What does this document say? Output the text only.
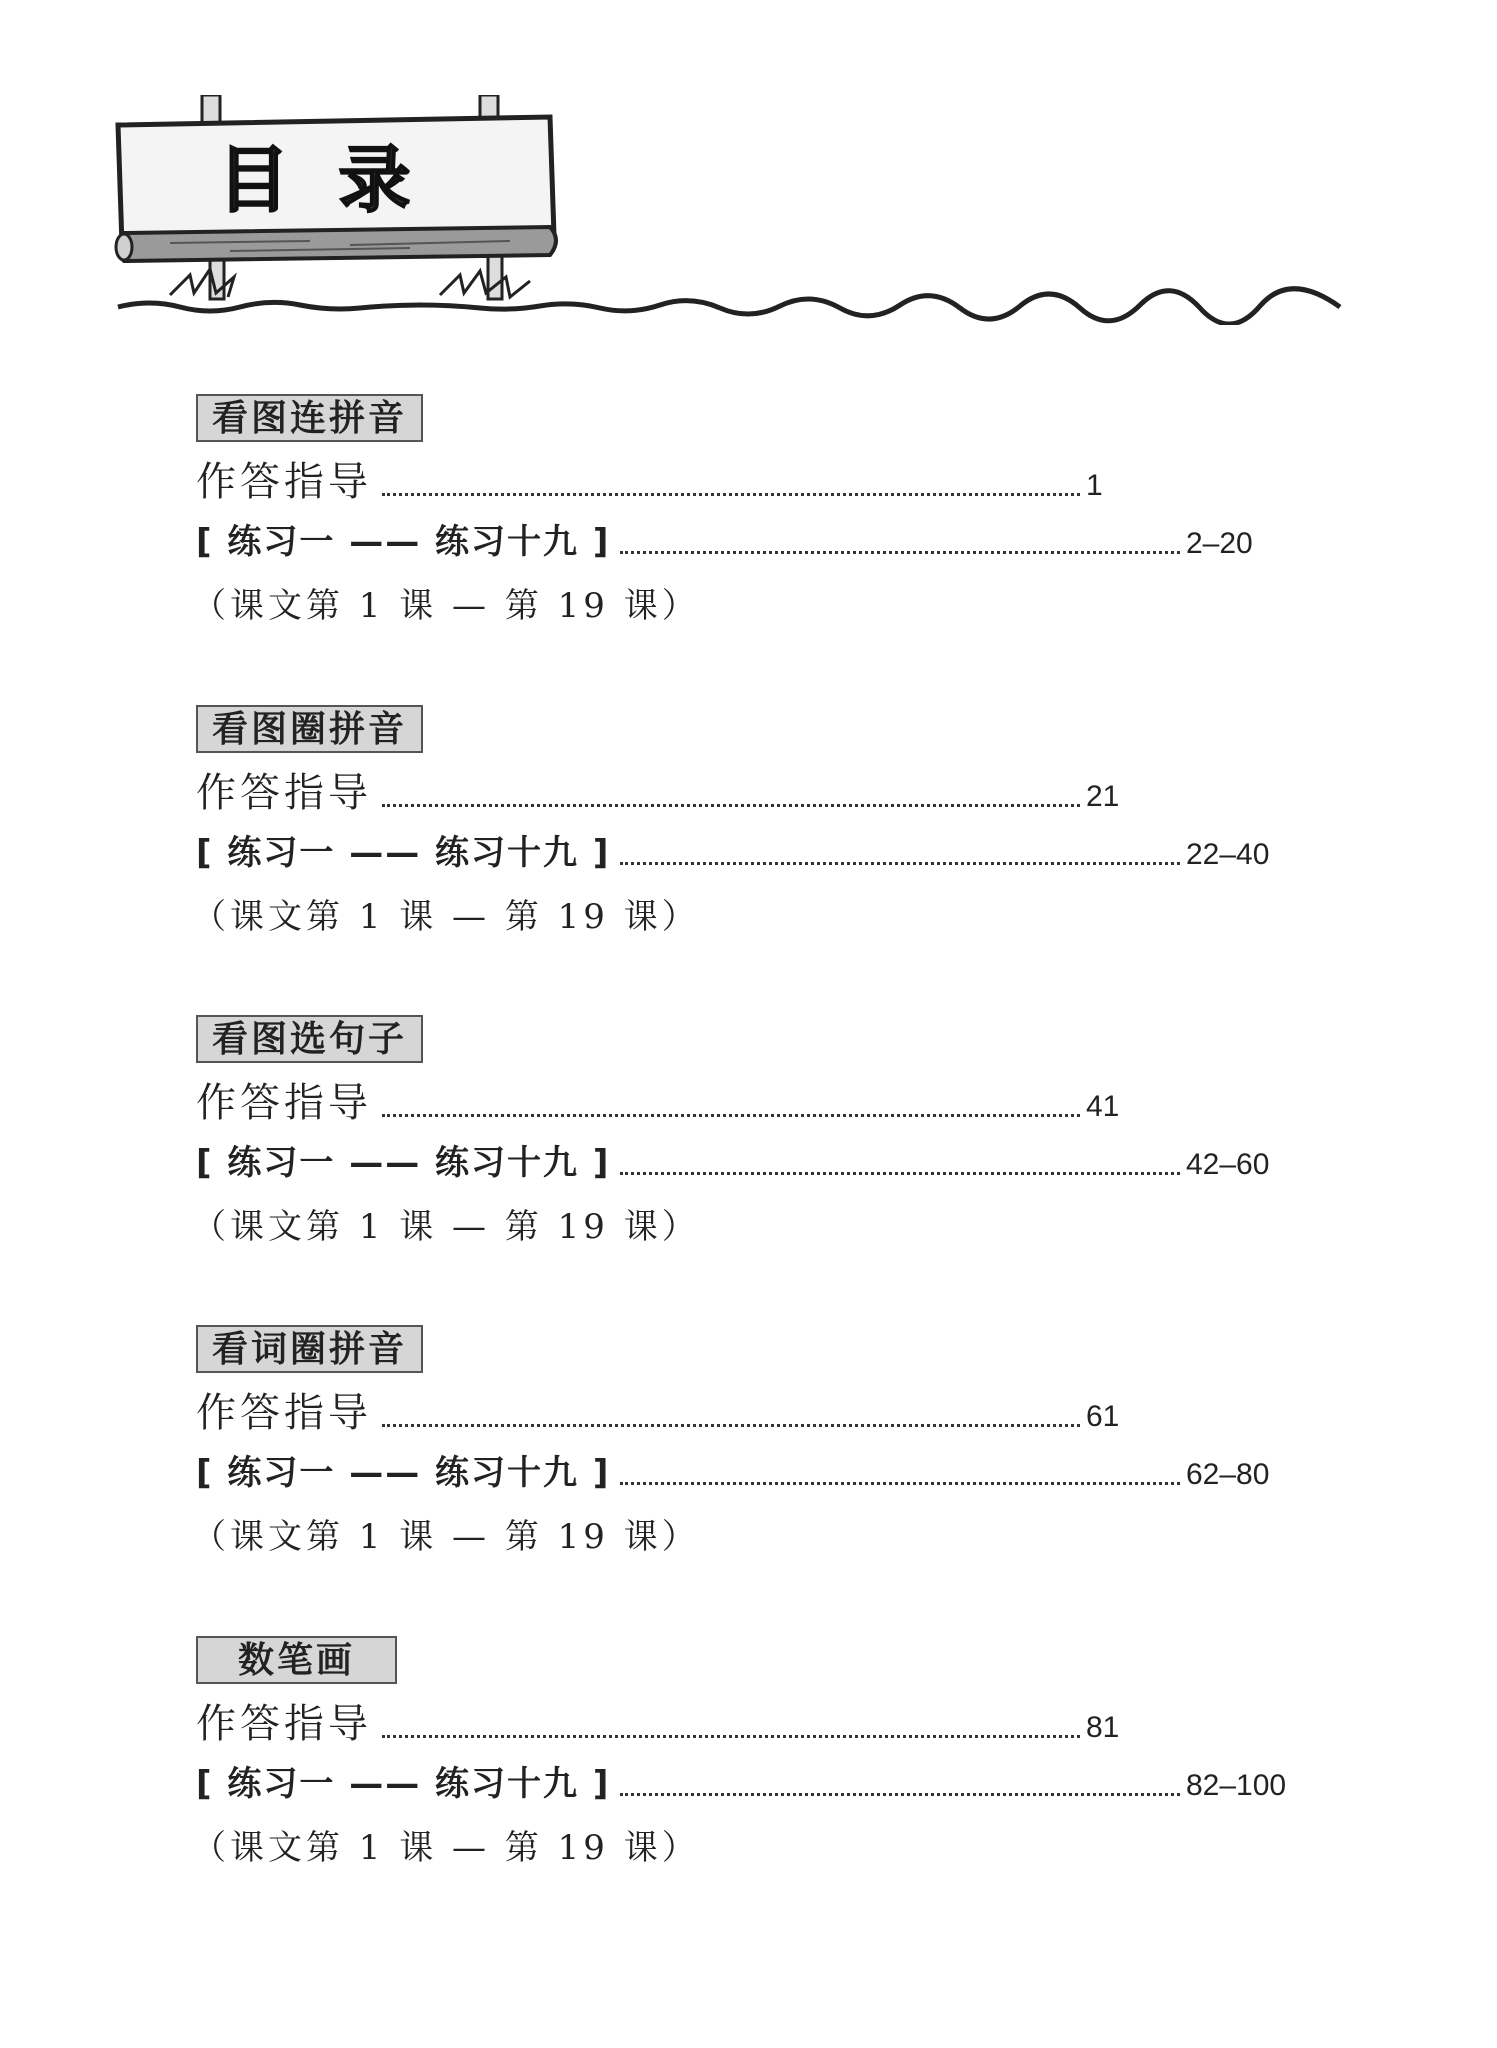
目 录
看图连拼音
作答指导	1
[ 练习一 —— 练习十九 ]	2–20
（课文第 1 课 — 第 19 课）
看图圈拼音
作答指导	21
[ 练习一 —— 练习十九 ]	22–40
（课文第 1 课 — 第 19 课）
看图选句子
作答指导	41
[ 练习一 —— 练习十九 ]	42–60
（课文第 1 课 — 第 19 课）
看词圈拼音
作答指导	61
[ 练习一 —— 练习十九 ]	62–80
（课文第 1 课 — 第 19 课）
数笔画
作答指导	81
[ 练习一 —— 练习十九 ]	82–100
（课文第 1 课 — 第 19 课）
